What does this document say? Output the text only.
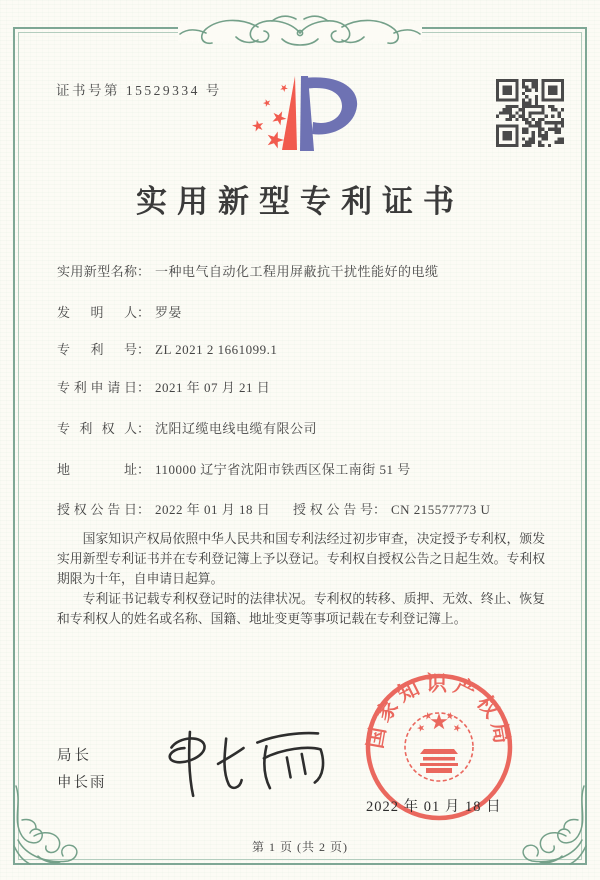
证书号第 15529334 号
实用新型专利证书
实用新型名称： 一种电气自动化工程用屏蔽抗干扰性能好的电缆
发明人： 罗晏
专利号： ZL 2021 2 1661099.1
专利申请日： 2021 年 07 月 21 日
专利权人： 沈阳辽缆电线电缆有限公司
地址： 110000 辽宁省沈阳市铁西区保工南街 51 号
授权公告日： 2022 年 01 月 18 日 授权公告号： CN 215577773 U

国家知识产权局依照中华人民共和国专利法经过初步审查，决定授予专利权，颁发实用新型专利证书并在专利登记簿上予以登记。专利权自授权公告之日起生效。专利权期限为十年，自申请日起算。

专利证书记载专利权登记时的法律状况。专利权的转移、质押、无效、终止、恢复和专利权人的姓名或名称、国籍、地址变更等事项记载在专利登记簿上。

局长
申长雨
国家知识产权局
2022 年 01 月 18 日
第 1 页 (共 2 页)
